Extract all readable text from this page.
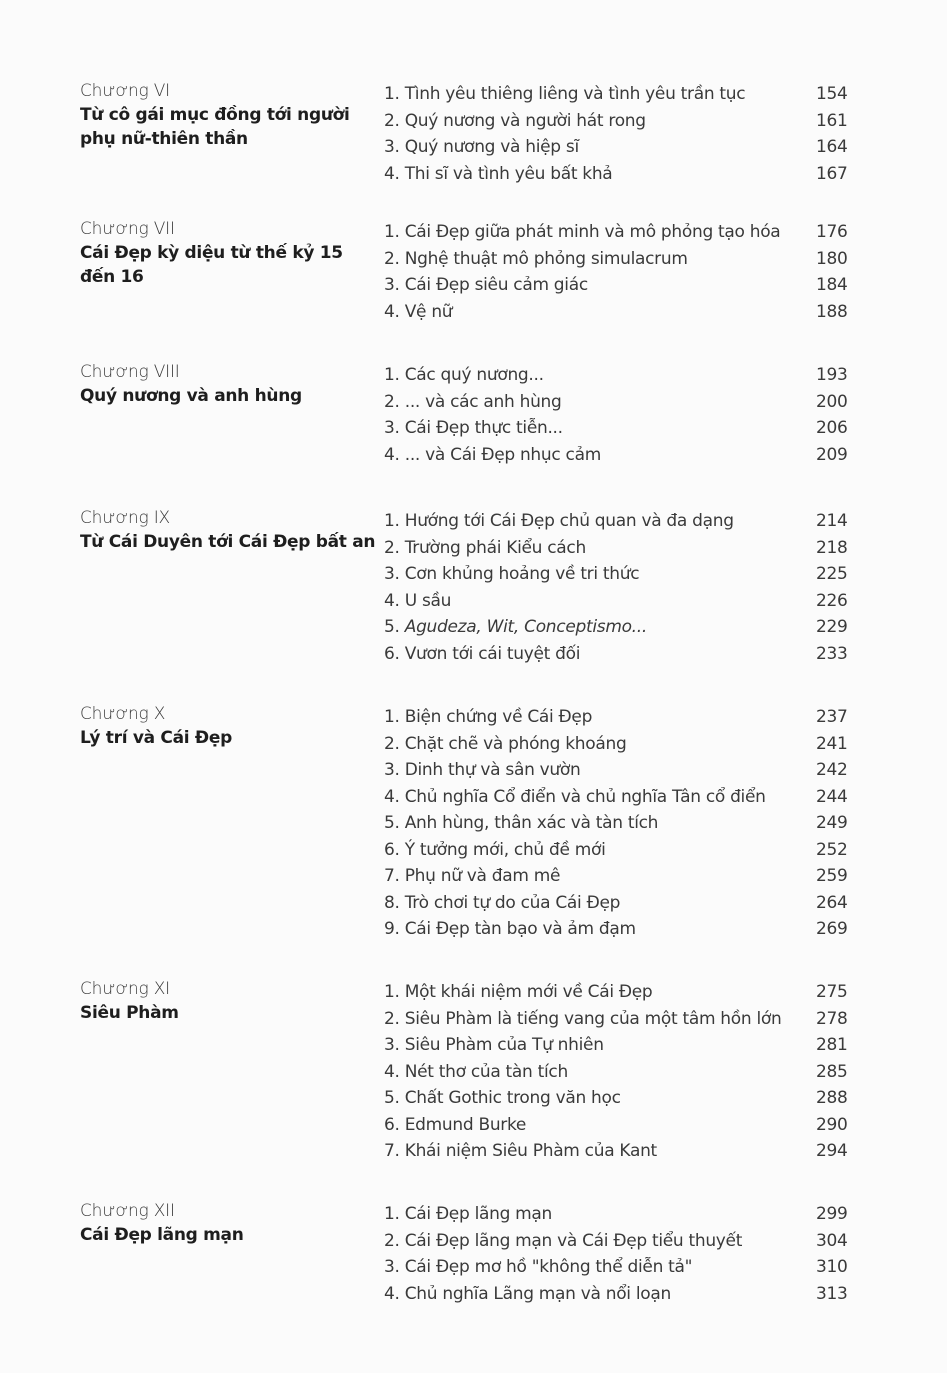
Chương VI
Từ cô gái mục đồng tới người
phụ nữ-thiên thần
1. Tình yêu thiêng liêng và tình yêu trần tục	154
2. Quý nương và người hát rong	161
3. Quý nương và hiệp sĩ	164
4. Thi sĩ và tình yêu bất khả	167
Chương VII
Cái Đẹp kỳ diệu từ thế kỷ 15
đến 16
1. Cái Đẹp giữa phát minh và mô phỏng tạo hóa 176
2. Nghệ thuật mô phỏng simulacrum	180
3. Cái Đẹp siêu cảm giác	184
4. Vệ nữ	188
Chương VIII
Quý nương và anh hùng
1. Các quý nương...	193
2. ... và các anh hùng	200
3. Cái Đẹp thực tiễn...	206
4. ... và Cái Đẹp nhục cảm	209
Chương IX
Từ Cái Duyên tới Cái Đẹp bất an
1. Hướng tới Cái Đẹp chủ quan và đa dạng	214
2. Trường phái Kiểu cách	218
3. Cơn khủng hoảng về tri thức	225
4. U sầu	226
5. Agudeza, Wit, Conceptismo...	229
6. Vươn tới cái tuyệt đối	233
Chương X
Lý trí và Cái Đẹp
1. Biện chứng về Cái Đẹp	237
2. Chặt chẽ và phóng khoáng	241
3. Dinh thự và sân vườn	242
4. Chủ nghĩa Cổ điển và chủ nghĩa Tân cổ điển	244
5. Anh hùng, thân xác và tàn tích	249
6. Ý tưởng mới, chủ đề mới	252
7. Phụ nữ và đam mê	259
8. Trò chơi tự do của Cái Đẹp	264
9. Cái Đẹp tàn bạo và ảm đạm	269
Chương XI
Siêu Phàm
1. Một khái niệm mới về Cái Đẹp	275
2. Siêu Phàm là tiếng vang của một tâm hồn lớn 278
3. Siêu Phàm của Tự nhiên	281
4. Nét thơ của tàn tích	285
5. Chất Gothic trong văn học	288
6. Edmund Burke	290
7. Khái niệm Siêu Phàm của Kant	294
Chương XII
Cái Đẹp lãng mạn
1. Cái Đẹp lãng mạn	299
2. Cái Đẹp lãng mạn và Cái Đẹp tiểu thuyết	304
3. Cái Đẹp mơ hồ "không thể diễn tả"	310
4. Chủ nghĩa Lãng mạn và nổi loạn	313
